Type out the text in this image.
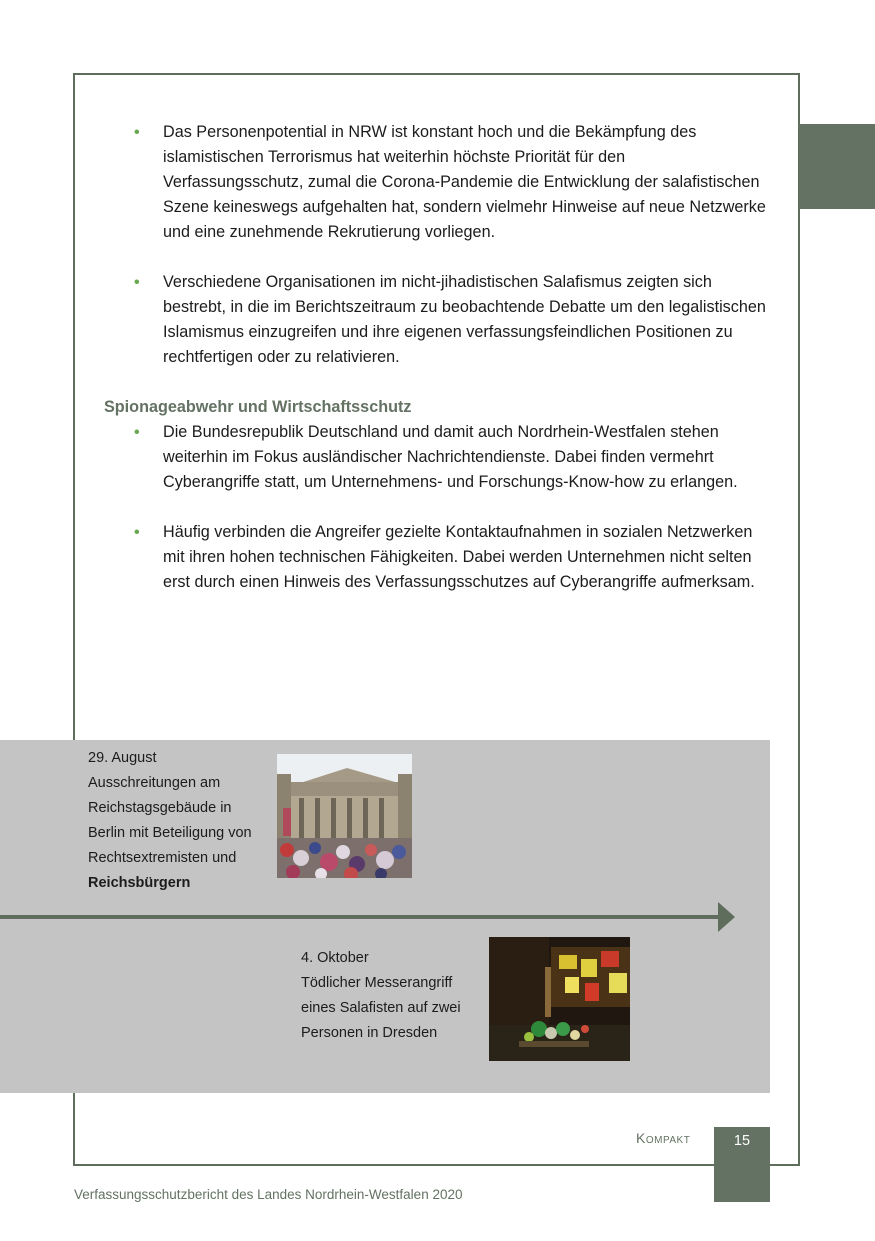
• Das Personenpotential in NRW ist konstant hoch und die Bekämpfung des islamistischen Terrorismus hat weiterhin höchste Priorität für den Verfassungsschutz, zumal die Corona-Pandemie die Entwicklung der salafistischen Szene keineswegs aufgehalten hat, sondern vielmehr Hinweise auf neue Netzwerke und eine zunehmende Rekrutierung vorliegen.
• Verschiedene Organisationen im nicht-jihadistischen Salafismus zeigten sich bestrebt, in die im Berichtszeitraum zu beobachtende Debatte um den legalistischen Islamismus einzugreifen und ihre eigenen verfassungsfeindlichen Positionen zu rechtfertigen oder zu relativieren.
Spionageabwehr und Wirtschaftsschutz
• Die Bundesrepublik Deutschland und damit auch Nordrhein-Westfalen stehen weiterhin im Fokus ausländischer Nachrichtendienste. Dabei finden vermehrt Cyberangriffe statt, um Unternehmens- und Forschungs-Know-how zu erlangen.
• Häufig verbinden die Angreifer gezielte Kontaktaufnahmen in sozialen Netzwerken mit ihren hohen technischen Fähigkeiten. Dabei werden Unternehmen nicht selten erst durch einen Hinweis des Verfassungsschutzes auf Cyberangriffe aufmerksam.
29. August
Ausschreitungen am
Reichstagsgebäude in
Berlin mit Beteiligung von
Rechtsextremisten und
Reichsbürgern
4. Oktober
Tödlicher Messerangriff
eines Salafisten auf zwei
Personen in Dresden
Kompakt	15
Verfassungsschutzbericht des Landes Nordrhein-Westfalen 2020
